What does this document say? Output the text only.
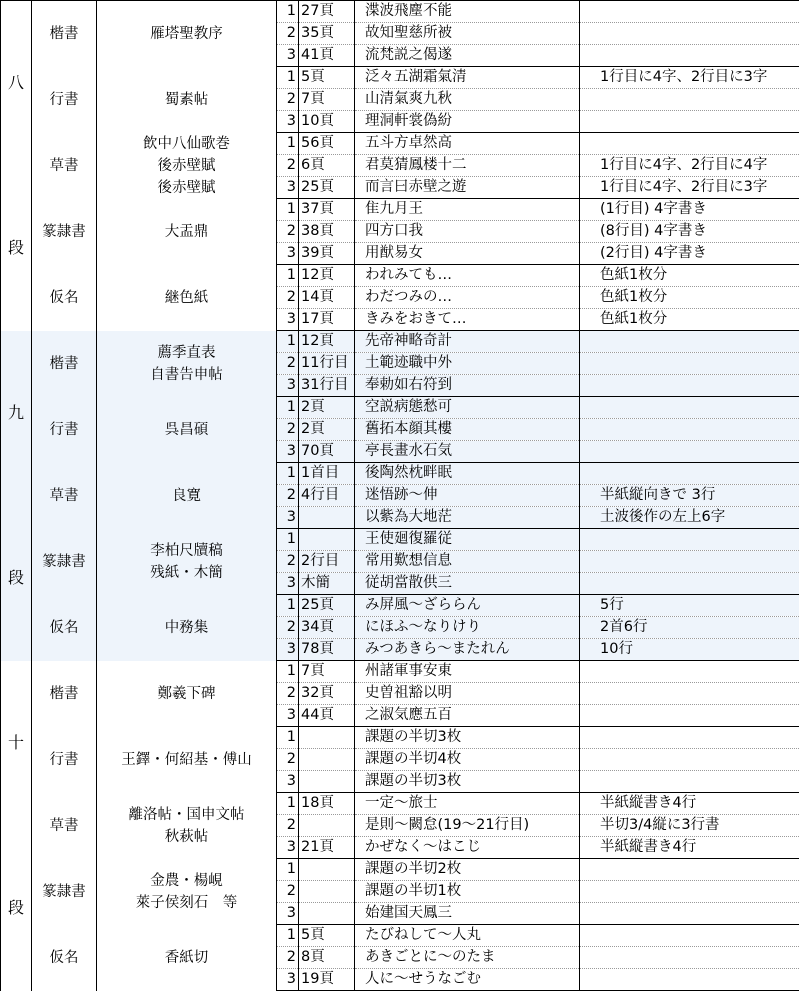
八
段	楷書	雁塔聖教序	1	27頁	渫波飛塵不能	
			2	35頁	故知聖慈所被	
			3	41頁	流梵説之偈遂	
	行書	蜀素帖	1	5頁	泛々五湖霜氣清	1行目に4字、2行目に3字
			2	7頁	山清氣爽九秋	
			3	10頁	理洞軒裳偽紛	
	草書	飲中八仙歌巻
後赤壁賦
後赤壁賦	1	56頁	五斗方卓然高	
			2	6頁	君莫猜鳳楼十二	1行目に4字、2行目に4字
			3	25頁	而言曰赤壁之遊	1行目に4字、2行目に3字
	篆隷書	大盂鼎	1	37頁	隹九月王	(1行目) 4字書き
			2	38頁	四方口我	(8行目) 4字書き
			3	39頁	用猷易女	(2行目) 4字書き
	仮名	継色紙	1	12頁	われみても…	色紙1枚分
			2	14頁	わだつみの…	色紙1枚分
			3	17頁	きみをおきて…	色紙1枚分

九
段	楷書	薦季直表
自書告申帖	1	12頁	先帝神略奇計	
			2	11行目	土範迹職中外	
			3	31行目	奉勅如右符到	
	行書	呉昌碩	1	2頁	空説病態愁可	
			2	2頁	舊拓本顔其樓	
			3	70頁	亭長畫水石気	
	草書	良寛	1	1首目	後陶然枕畔眠	
			2	4行目	迷悟跡～伸	半紙縦向きで 3行
			3		以紫為大地茫	土波後作の左上6字
	篆隷書	李柏尺牘稿
残紙・木簡	1		王使廻復羅従	
			2	2行目	常用歎想信息	
			3	木簡	従胡當散供三	
	仮名	中務集	1	25頁	み屏風～ざららん	5行
			2	34頁	にほふ～なりけり	2首6行
			3	78頁	みつあきら～またれん	10行

十
段	楷書	鄭羲下碑	1	7頁	州諸軍事安東	
			2	32頁	史曽祖豁以明	
			3	44頁	之淑気應五百	
	行書	王鐸・何紹基・傅山	1		課題の半切3枚	
			2		課題の半切4枚	
			3		課題の半切3枚	
	草書	離洛帖・国申文帖
秋萩帖	1	18頁	一定～旅士	半紙縦書き4行
			2		是則～闕怠(19～21行目)	半切3/4縦に3行書
			3	21頁	かぜなく～はこじ	半紙縦書き4行
	篆隷書	金農・楊峴
萊子侯刻石　等	1		課題の半切2枚	
			2		課題の半切1枚	
			3		始建国天鳳三	
	仮名	香紙切	1	5頁	たびねして～人丸	
			2	8頁	あきごとに～のたま	
			3	19頁	人に～せうなごむ	
